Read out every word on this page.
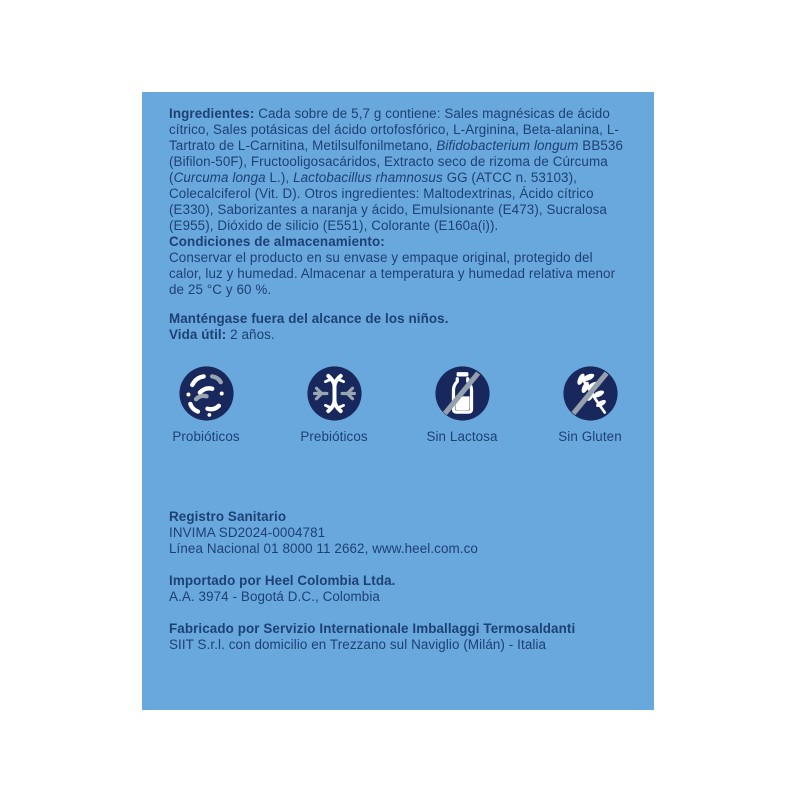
Ingredientes: Cada sobre de 5,7 g contiene: Sales magnésicas de ácido cítrico, Sales potásicas del ácido ortofosfórico, L-Arginina, Beta-alanina, L-Tartrato de L-Carnitina, Metilsulfonilmetano, Bifidobacterium longum BB536 (Bifilon-50F), Fructooligosacáridos, Extracto seco de rizoma de Cúrcuma (Curcuma longa L.), Lactobacillus rhamnosus GG (ATCC n. 53103), Colecalciferol (Vit. D). Otros ingredientes: Maltodextrinas, Ácido cítrico (E330), Saborizantes a naranja y ácido, Emulsionante (E473), Sucralosa (E955), Dióxido de silicio (E551), Colorante (E160a(i)).

Condiciones de almacenamiento:

Conservar el producto en su envase y empaque original, protegido del calor, luz y humedad. Almacenar a temperatura y humedad relativa menor de 25 °C y 60 %.

Manténgase fuera del alcance de los niños.

Vida útil: 2 años.

Probióticos	Prebióticos	Sin Lactosa	Sin Gluten

Registro Sanitario

INVIMA SD2024-0004781

Línea Nacional 01 8000 11 2662, www.heel.com.co

Importado por Heel Colombia Ltda.

A.A. 3974 - Bogotá D.C., Colombia

Fabricado por Servizio Internationale Imballaggi Termosaldanti

SIIT S.r.l. con domicilio en Trezzano sul Naviglio (Milán) - Italia
